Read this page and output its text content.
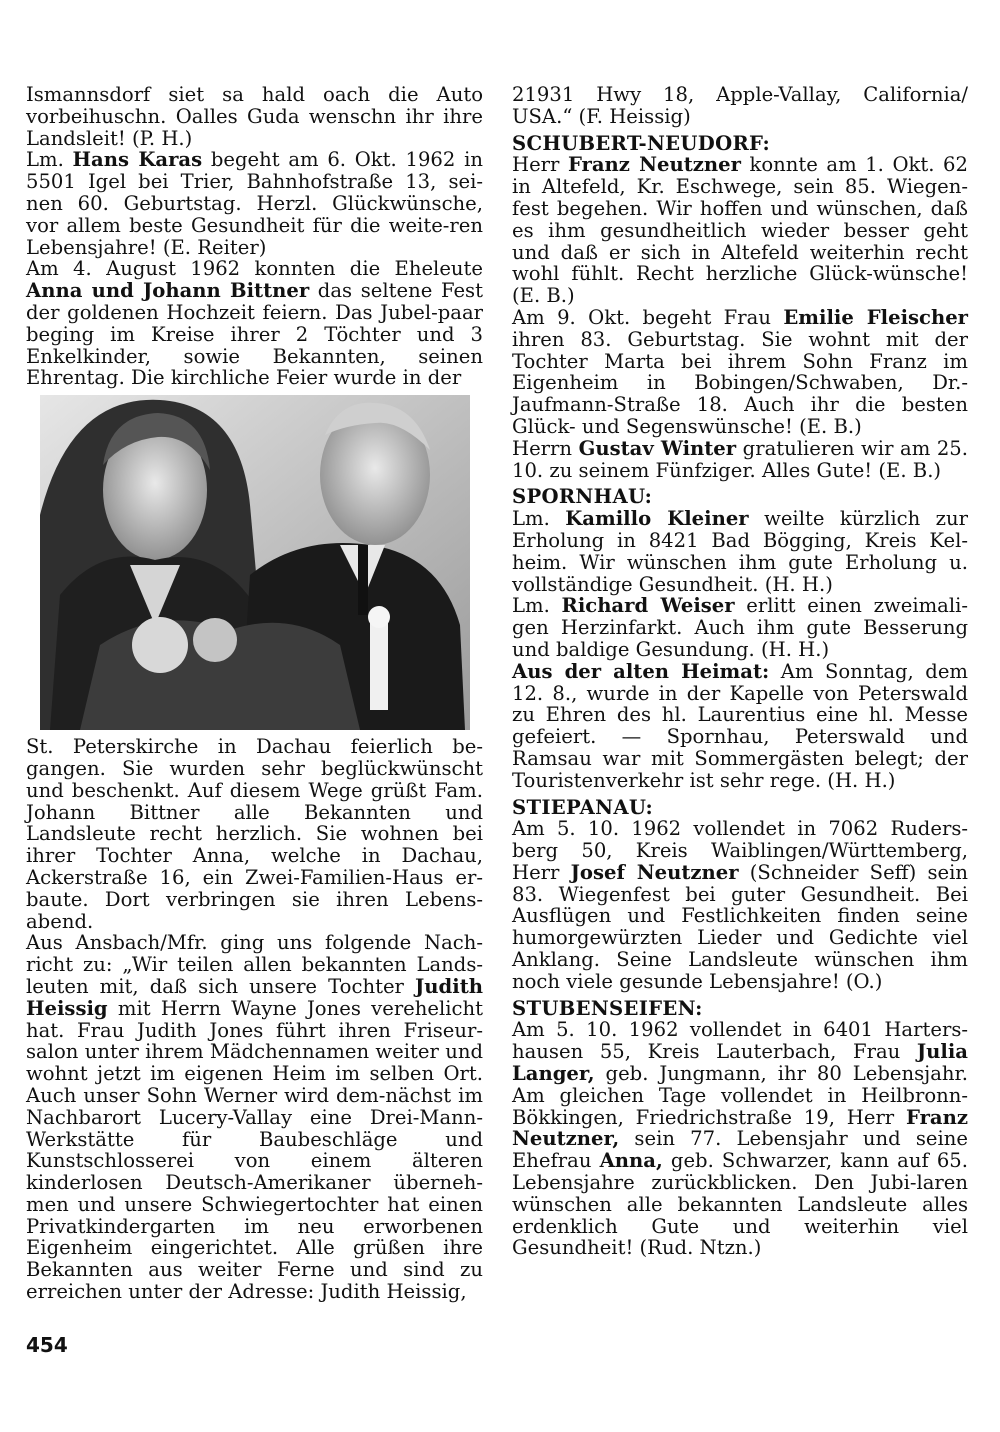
Ismannsdorf siet sa hald oach die Auto vorbeihuschn. Oalles Guda wenschn ihr ihre Landsleit! (P. H.)

Lm. Hans Karas begeht am 6. Okt. 1962 in 5501 Igel bei Trier, Bahnhofstraße 13, sei-nen 60. Geburtstag. Herzl. Glückwünsche, vor allem beste Gesundheit für die weite-ren Lebensjahre! (E. Reiter)

Am 4. August 1962 konnten die Eheleute Anna und Johann Bittner das seltene Fest der goldenen Hochzeit feiern. Das Jubel-paar beging im Kreise ihrer 2 Töchter und 3 Enkelkinder, sowie Bekannten, seinen Ehrentag. Die kirchliche Feier wurde in der

St. Peterskirche in Dachau feierlich be-gangen. Sie wurden sehr beglückwünscht und beschenkt. Auf diesem Wege grüßt Fam. Johann Bittner alle Bekannten und Landsleute recht herzlich. Sie wohnen bei ihrer Tochter Anna, welche in Dachau, Ackerstraße 16, ein Zwei-Familien-Haus er-baute. Dort verbringen sie ihren Lebens-abend.

Aus Ansbach/Mfr. ging uns folgende Nach-richt zu: „Wir teilen allen bekannten Lands-leuten mit, daß sich unsere Tochter Judith Heissig mit Herrn Wayne Jones verehelicht hat. Frau Judith Jones führt ihren Friseur-salon unter ihrem Mädchennamen weiter und wohnt jetzt im eigenen Heim im selben Ort. Auch unser Sohn Werner wird dem-nächst im Nachbarort Lucery-Vallay eine Drei-Mann-Werkstätte für Baubeschläge und Kunstschlosserei von einem älteren kinderlosen Deutsch-Amerikaner überneh-men und unsere Schwiegertochter hat einen Privatkindergarten im neu erworbenen Eigenheim eingerichtet. Alle grüßen ihre Bekannten aus weiter Ferne und sind zu erreichen unter der Adresse: Judith Heissig,

21931 Hwy 18, Apple-Vallay, California/ USA.“ (F. Heissig)

SCHUBERT-NEUDORF:

Herr Franz Neutzner konnte am 1. Okt. 62 in Altefeld, Kr. Eschwege, sein 85. Wiegen-fest begehen. Wir hoffen und wünschen, daß es ihm gesundheitlich wieder besser geht und daß er sich in Altefeld weiterhin recht wohl fühlt. Recht herzliche Glück-wünsche! (E. B.)

Am 9. Okt. begeht Frau Emilie Fleischer ihren 83. Geburtstag. Sie wohnt mit der Tochter Marta bei ihrem Sohn Franz im Eigenheim in Bobingen/Schwaben, Dr.-Jaufmann-Straße 18. Auch ihr die besten Glück- und Segenswünsche! (E. B.)

Herrn Gustav Winter gratulieren wir am 25. 10. zu seinem Fünfziger. Alles Gute! (E. B.)

SPORNHAU:

Lm. Kamillo Kleiner weilte kürzlich zur Erholung in 8421 Bad Bögging, Kreis Kel-heim. Wir wünschen ihm gute Erholung u. vollständige Gesundheit. (H. H.)

Lm. Richard Weiser erlitt einen zweimali-gen Herzinfarkt. Auch ihm gute Besserung und baldige Gesundung. (H. H.)

Aus der alten Heimat: Am Sonntag, dem 12. 8., wurde in der Kapelle von Peterswald zu Ehren des hl. Laurentius eine hl. Messe gefeiert. — Spornhau, Peterswald und Ramsau war mit Sommergästen belegt; der Touristenverkehr ist sehr rege. (H. H.)

STIEPANAU:

Am 5. 10. 1962 vollendet in 7062 Ruders-berg 50, Kreis Waiblingen/Württemberg, Herr Josef Neutzner (Schneider Seff) sein 83. Wiegenfest bei guter Gesundheit. Bei Ausflügen und Festlichkeiten finden seine humorgewürzten Lieder und Gedichte viel Anklang. Seine Landsleute wünschen ihm noch viele gesunde Lebensjahre! (O.)

STUBENSEIFEN:

Am 5. 10. 1962 vollendet in 6401 Harters-hausen 55, Kreis Lauterbach, Frau Julia Langer, geb. Jungmann, ihr 80 Lebensjahr. Am gleichen Tage vollendet in Heilbronn-Bökkingen, Friedrichstraße 19, Herr Franz Neutzner, sein 77. Lebensjahr und seine Ehefrau Anna, geb. Schwarzer, kann auf 65. Lebensjahre zurückblicken. Den Jubi-laren wünschen alle bekannten Landsleute alles erdenklich Gute und weiterhin viel Gesundheit! (Rud. Ntzn.)

454
